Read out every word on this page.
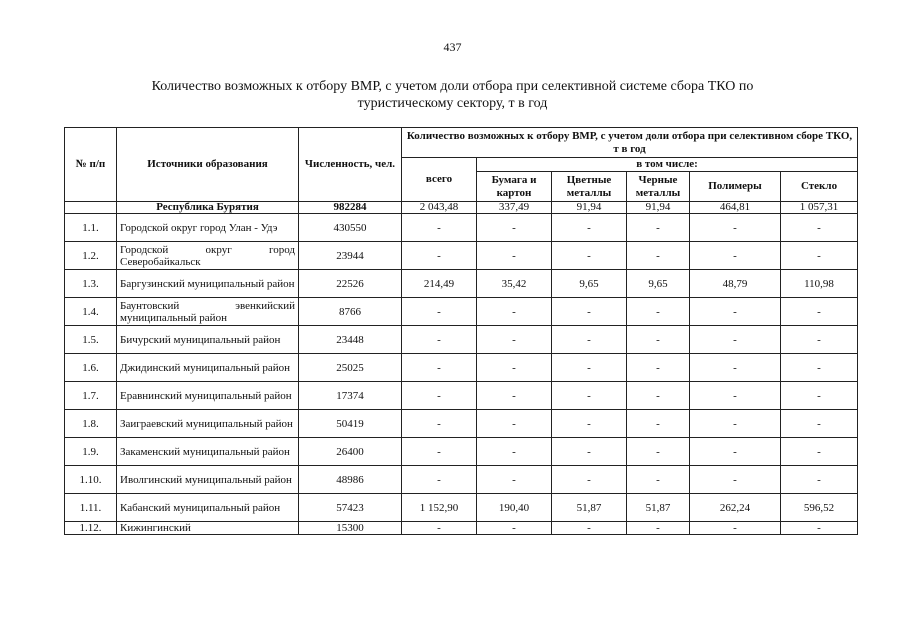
437
Количество возможных к отбору ВМР, с учетом доли отбора при селективной системе сбора ТКО по туристическому сектору, т в год
№ п/п	Источники образования	Численность, чел.	Количество возможных к отбору ВМР, с учетом доли отбора при селективном сборе ТКО, т в год					
			всего	в том числе:				
				Бумага и картон	Цветные металлы	Черные металлы	Полимеры	Стекло
	Республика Бурятия	982284	2 043,48	337,49	91,94	91,94	464,81	1 057,31
1.1.	Городской округ город Улан - Удэ	430550	-	-	-	-	-	-
1.2.	Городской округ город Северобайкальск	23944	-	-	-	-	-	-
1.3.	Баргузинский муниципальный район	22526	214,49	35,42	9,65	9,65	48,79	110,98
1.4.	Баунтовский эвенкийский муниципальный район	8766	-	-	-	-	-	-
1.5.	Бичурский муниципальный район	23448	-	-	-	-	-	-
1.6.	Джидинский муниципальный район	25025	-	-	-	-	-	-
1.7.	Еравнинский муниципальный район	17374	-	-	-	-	-	-
1.8.	Заиграевский муниципальный район	50419	-	-	-	-	-	-
1.9.	Закаменский муниципальный район	26400	-	-	-	-	-	-
1.10.	Иволгинский муниципальный район	48986	-	-	-	-	-	-
1.11.	Кабанский муниципальный район	57423	1 152,90	190,40	51,87	51,87	262,24	596,52
1.12.	Кижингинский	15300	-	-	-	-	-	-
